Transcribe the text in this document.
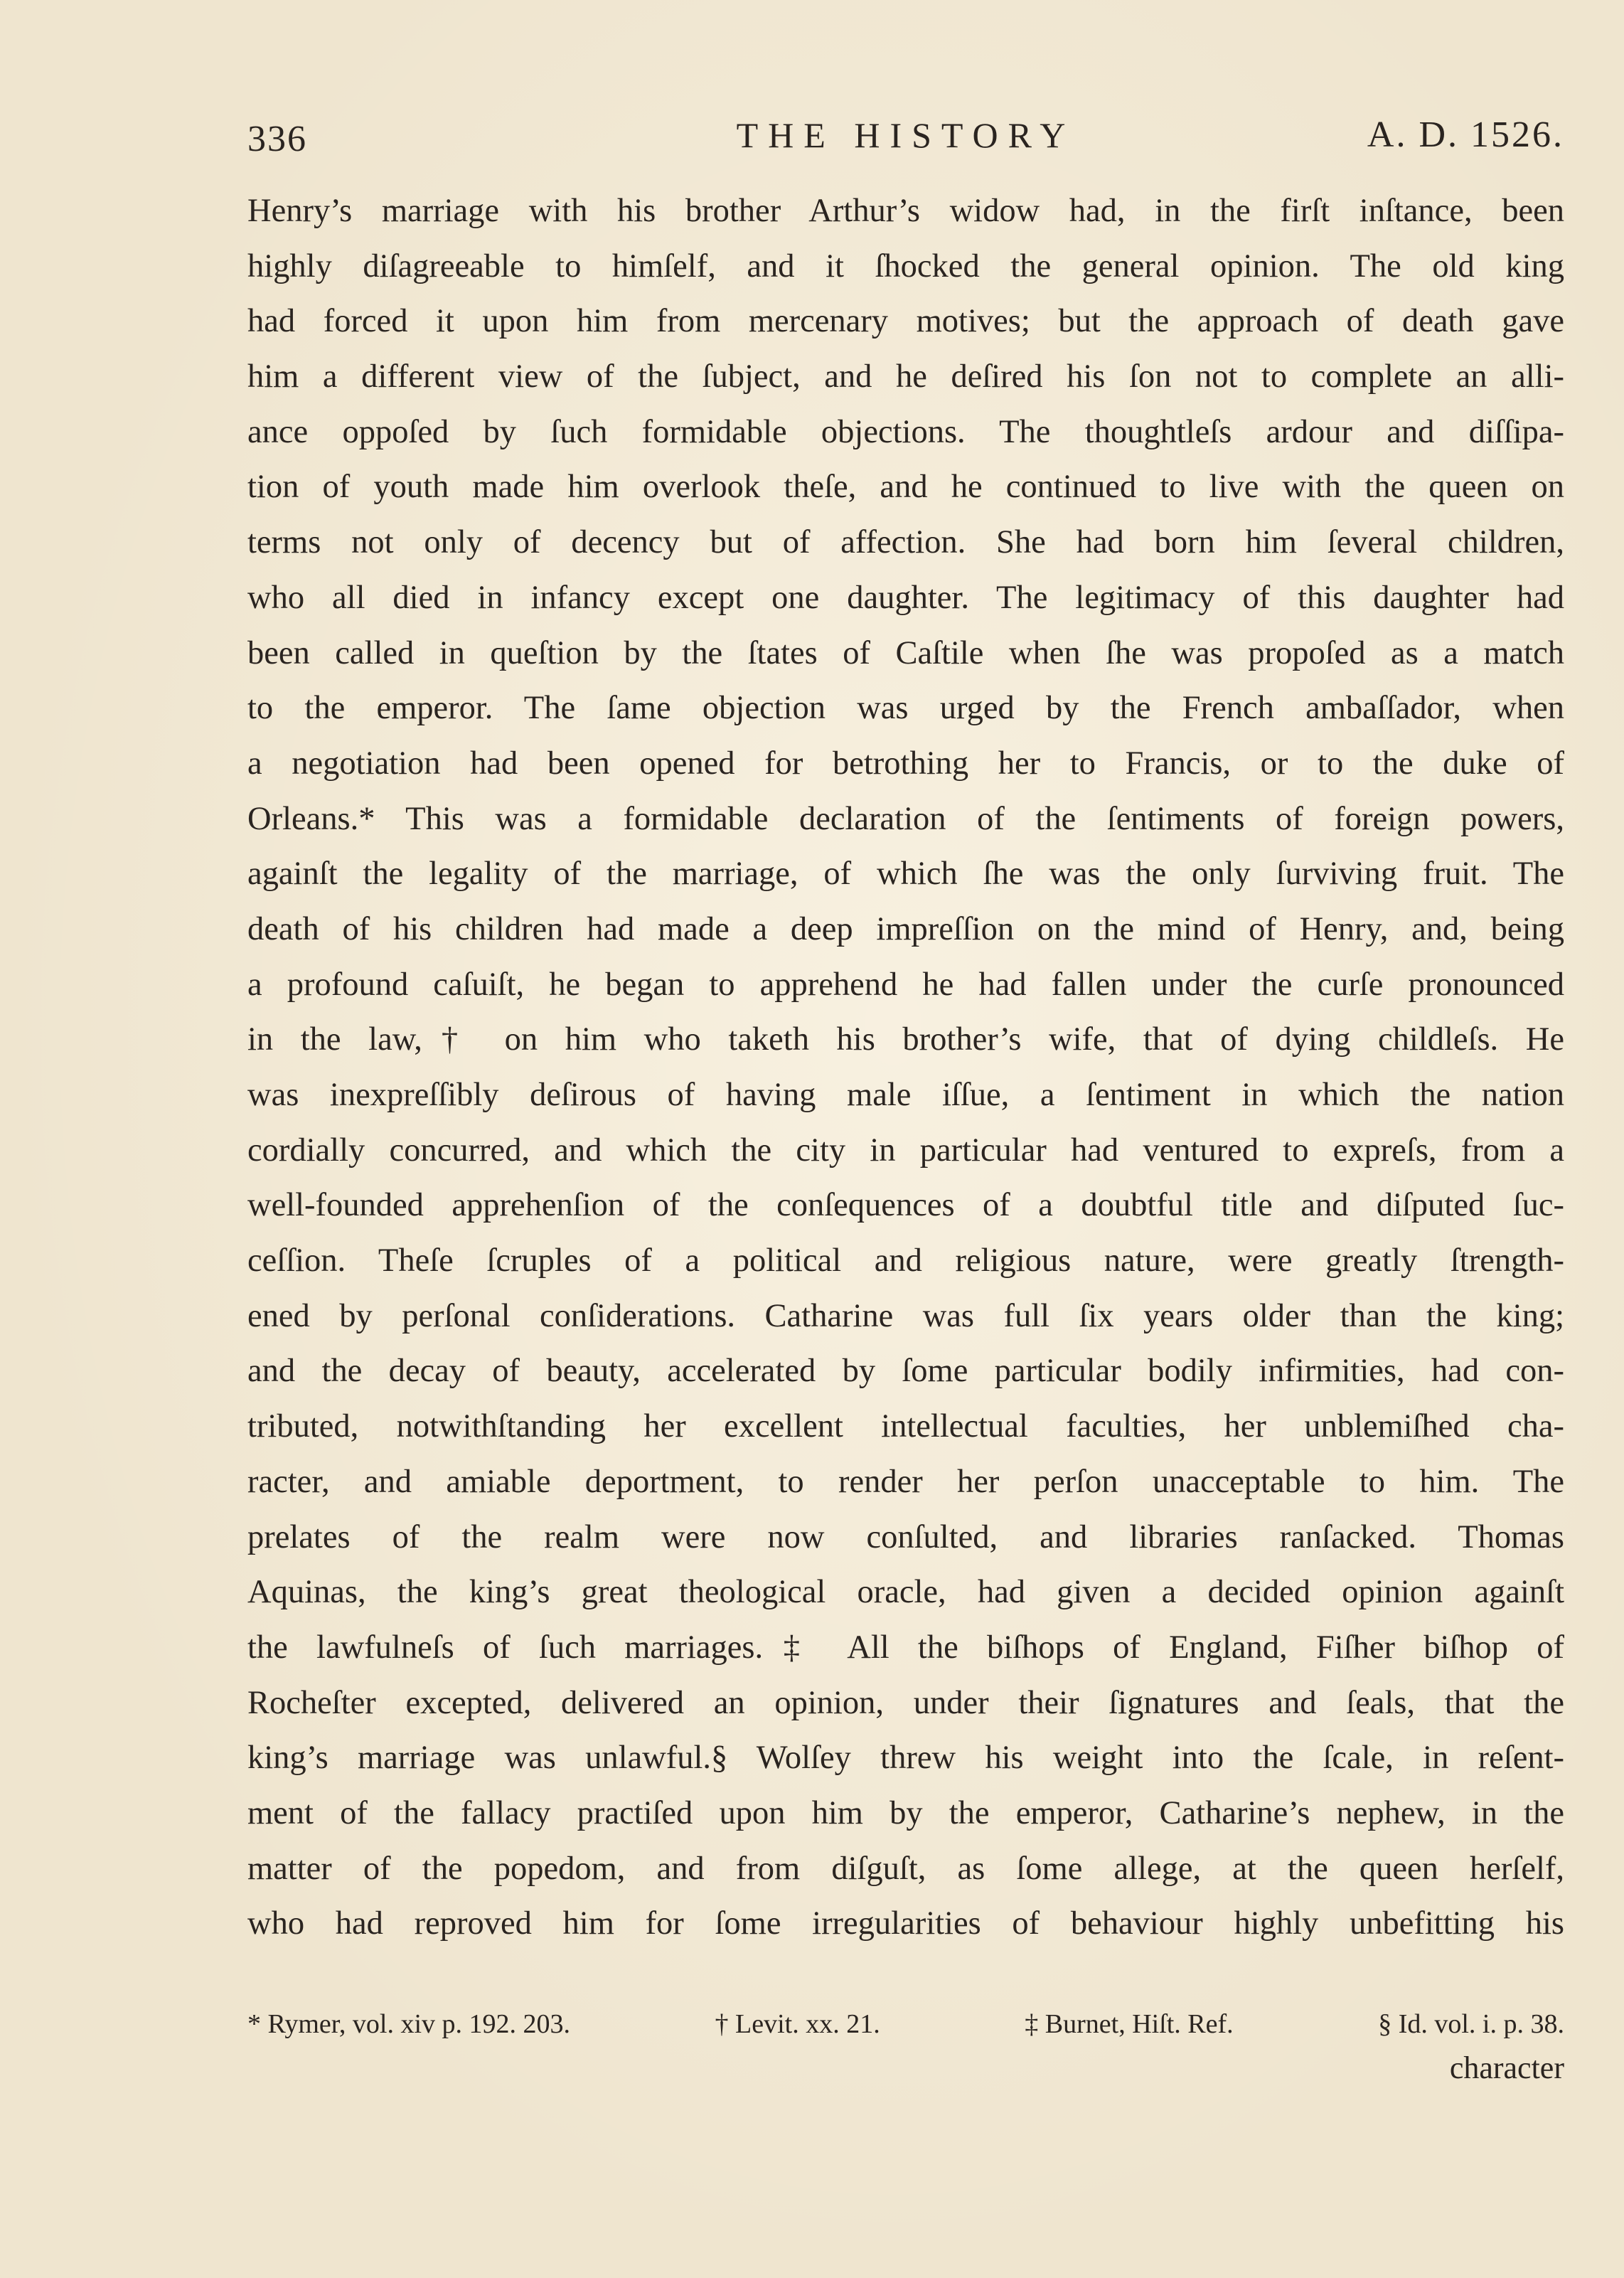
336	THE HISTORY	A. D. 1526.
Henry’s marriage with his brother Arthur’s widow had, in the firſt inſtance, been
highly diſagreeable to himſelf, and it ſhocked the general opinion. The old king
had forced it upon him from mercenary motives; but the approach of death gave
him a different view of the ſubject, and he deſired his ſon not to complete an alli-
ance oppoſed by ſuch formidable objections. The thoughtleſs ardour and diſſipa-
tion of youth made him overlook theſe, and he continued to live with the queen on
terms not only of decency but of affection. She had born him ſeveral children,
who all died in infancy except one daughter. The legitimacy of this daughter had
been called in queſtion by the ſtates of Caſtile when ſhe was propoſed as a match
to the emperor. The ſame objection was urged by the French ambaſſador, when
a negotiation had been opened for betrothing her to Francis, or to the duke of
Orleans.* This was a formidable declaration of the ſentiments of foreign powers,
againſt the legality of the marriage, of which ſhe was the only ſurviving fruit. The
death of his children had made a deep impreſſion on the mind of Henry, and, being
a profound caſuiſt, he began to apprehend he had fallen under the curſe pronounced
in the law,† on him who taketh his brother’s wife, that of dying childleſs. He
was inexpreſſibly deſirous of having male iſſue, a ſentiment in which the nation
cordially concurred, and which the city in particular had ventured to expreſs, from a
well-founded apprehenſion of the conſequences of a doubtful title and diſputed ſuc-
ceſſion. Theſe ſcruples of a political and religious nature, were greatly ſtrength-
ened by perſonal conſiderations. Catharine was full ſix years older than the king;
and the decay of beauty, accelerated by ſome particular bodily infirmities, had con-
tributed, notwithſtanding her excellent intellectual faculties, her unblemiſhed cha-
racter, and amiable deportment, to render her perſon unacceptable to him. The
prelates of the realm were now conſulted, and libraries ranſacked. Thomas
Aquinas, the king’s great theological oracle, had given a decided opinion againſt
the lawfulneſs of ſuch marriages.‡ All the biſhops of England, Fiſher biſhop of
Rocheſter excepted, delivered an opinion, under their ſignatures and ſeals, that the
king’s marriage was unlawful.§ Wolſey threw his weight into the ſcale, in reſent-
ment of the fallacy practiſed upon him by the emperor, Catharine’s nephew, in the
matter of the popedom, and from diſguſt, as ſome allege, at the queen herſelf,
who had reproved him for ſome irregularities of behaviour highly unbefitting his
* Rymer, vol. xiv p. 192. 203.	† Levit. xx. 21.	‡ Burnet, Hiſt. Ref.	§ Id. vol. i. p. 38.
character
